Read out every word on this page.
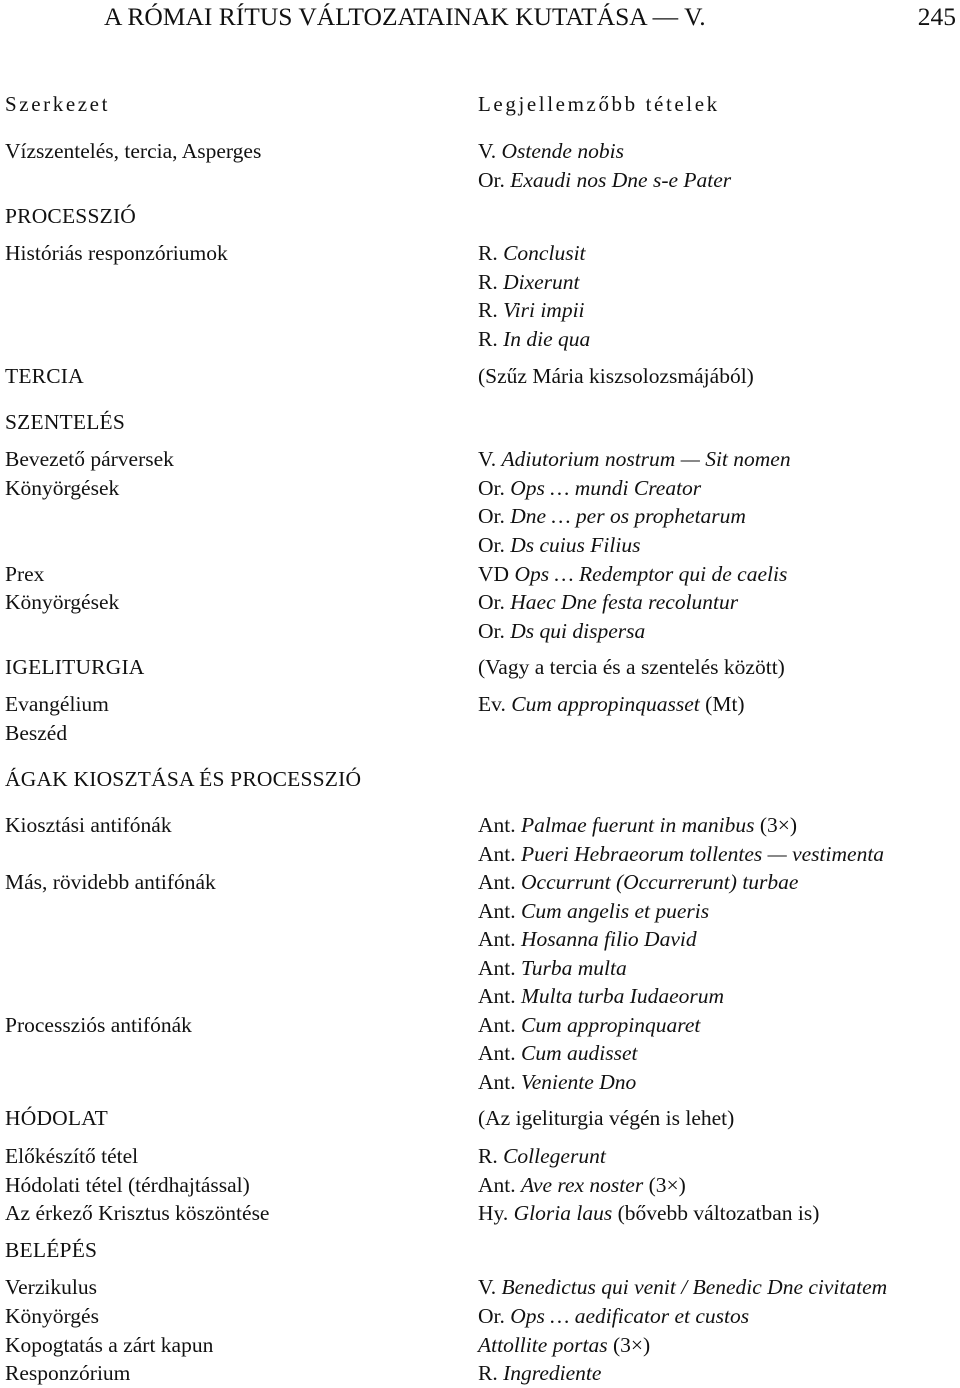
A RÓMAI RÍTUS VÁLTOZATAINAK KUTATÁSA — V.	245
Szerkezet	Legjellemzőbb tételek
Vízszentelés, tercia, Asperges
PROCESSZIÓ
Históriás responzóriumok
TERCIA
SZENTELÉS
Bevezető párversek
Könyörgések
Prex
Könyörgések
IGELITURGIA
Evangélium
Beszéd
ÁGAK KIOSZTÁSA ÉS PROCESSZIÓ
Kiosztási antifónák
Más, rövidebb antifónák
Processziós antifónák
HÓDOLAT
Előkészítő tétel
Hódolati tétel (térdhajtással)
Az érkező Krisztus köszöntése
BELÉPÉS
Verzikulus
Könyörgés
Kopogtatás a zárt kapun
Responzórium
V. Ostende nobis
Or. Exaudi nos Dne s-e Pater
R. Conclusit
R. Dixerunt
R. Viri impii
R. In die qua
(Szűz Mária kiszsolozsmájából)
V. Adiutorium nostrum — Sit nomen
Or. Ops … mundi Creator
Or. Dne … per os prophetarum
Or. Ds cuius Filius
VD Ops … Redemptor qui de caelis
Or. Haec Dne festa recoluntur
Or. Ds qui dispersa
(Vagy a tercia és a szentelés között)
Ev. Cum appropinquasset (Mt)
Ant. Palmae fuerunt in manibus (3×)
Ant. Pueri Hebraeorum tollentes — vestimenta
Ant. Occurrunt (Occurrerunt) turbae
Ant. Cum angelis et pueris
Ant. Hosanna filio David
Ant. Turba multa
Ant. Multa turba Iudaeorum
Ant. Cum appropinquaret
Ant. Cum audisset
Ant. Veniente Dno
(Az igeliturgia végén is lehet)
R. Collegerunt
Ant. Ave rex noster (3×)
Hy. Gloria laus (bővebb változatban is)
V. Benedictus qui venit / Benedic Dne civitatem
Or. Ops … aedificator et custos
Attollite portas (3×)
R. Ingrediente
